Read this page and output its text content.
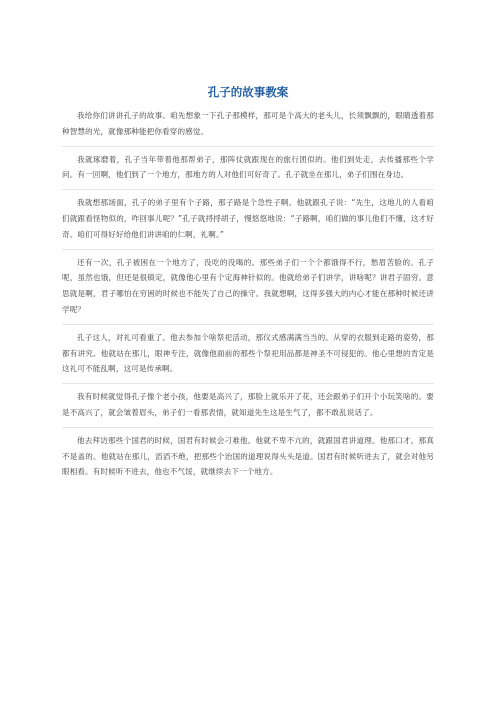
孔子的故事教案

我给你们讲讲孔子的故事。咱先想象一下孔子那模样，那可是个高大的老头儿，长须飘飘的，眼睛透着那种智慧的光，就像那种能把你看穿的感觉。

我就琢磨着，孔子当年带着他那帮弟子，那阵仗就跟现在的旅行团似的。他们到处走，去传播那些个学问。有一回啊，他们到了一个地方，那地方的人对他们可好奇了。孔子就坐在那儿，弟子们围在身边。

我就想那场面，孔子的弟子里有个子路，那子路是个急性子啊。他就跟孔子说：“先生，这地儿的人看咱们就跟看怪物似的，咋回事儿呢？”孔子就捋捋胡子，慢悠悠地说：“子路啊，咱们做的事儿他们不懂，这才好奇。咱们可得好好给他们讲讲咱的仁啊，礼啊。”

还有一次，孔子被困在一个地方了，没吃的没喝的。那些弟子们一个个都饿得不行，愁眉苦脸的。孔子呢，虽然也饿，但还是很镇定，就像他心里有个定海神针似的。他就给弟子们讲学，讲啥呢？讲君子固穷。意思就是啊，君子哪怕在穷困的时候也不能失了自己的操守。我就想啊，这得多强大的内心才能在那种时候还讲学呢？

孔子这人，对礼可看重了。他去参加个啥祭祀活动，那仪式感满满当当的。从穿的衣服到走路的姿势，那都有讲究。他就站在那儿，眼神专注，就像他面前的那些个祭祀用品都是神圣不可侵犯的。他心里想的肯定是这礼可不能乱啊，这可是传承啊。

我有时候就觉得孔子像个老小孩，他要是高兴了，那脸上就乐开了花，还会跟弟子们开个小玩笑啥的。要是不高兴了，就会皱着眉头，弟子们一看那表情，就知道先生这是生气了，都不敢乱说话了。

他去拜访那些个国君的时候，国君有时候会刁难他。他就不卑不亢的，就跟国君讲道理。他那口才，那真不是盖的。他就站在那儿，滔滔不绝，把那些个治国的道理说得头头是道。国君有时候听进去了，就会对他另眼相看。有时候听不进去，他也不气馁，就继续去下一个地方。
